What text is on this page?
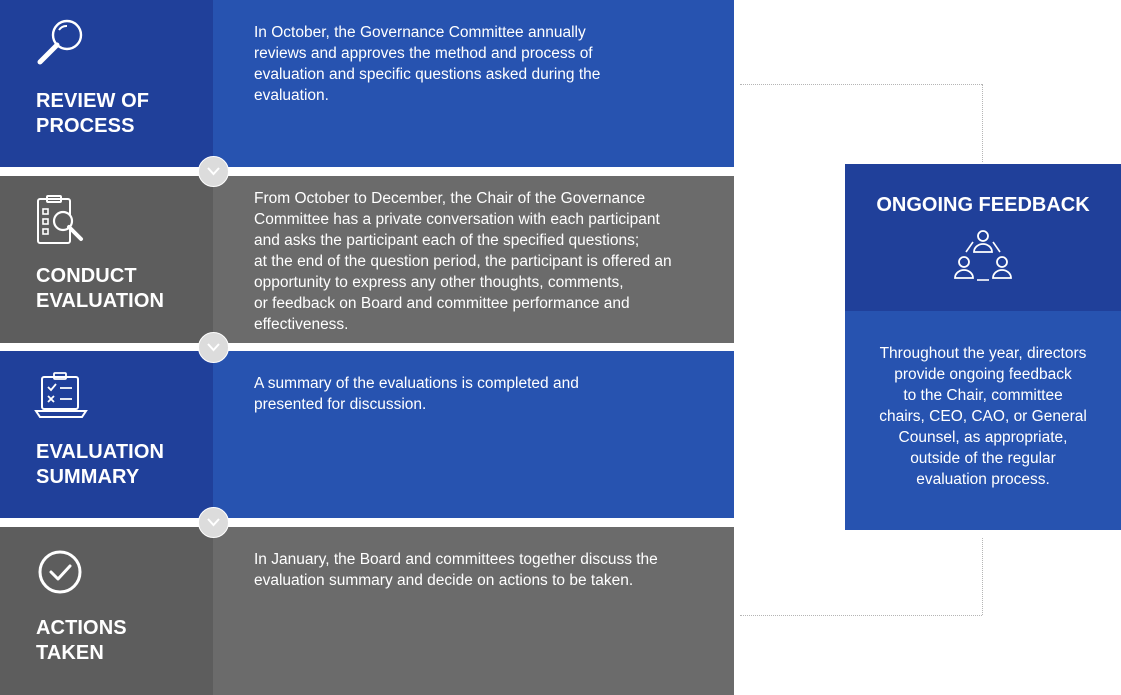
REVIEW OF
PROCESS
In October, the Governance Committee annually
reviews and approves the method and process of
evaluation and specific questions asked during the
evaluation.
CONDUCT
EVALUATION
From October to December, the Chair of the Governance
Committee has a private conversation with each participant
and asks the participant each of the specified questions;
at the end of the question period, the participant is offered an
opportunity to express any other thoughts, comments,
or feedback on Board and committee performance and
effectiveness.
EVALUATION
SUMMARY
A summary of the evaluations is completed and
presented for discussion.
ACTIONS
TAKEN
In January, the Board and committees together discuss the
evaluation summary and decide on actions to be taken.
ONGOING FEEDBACK
Throughout the year, directors
provide ongoing feedback
to the Chair, committee
chairs, CEO, CAO, or General
Counsel, as appropriate,
outside of the regular
evaluation process.
